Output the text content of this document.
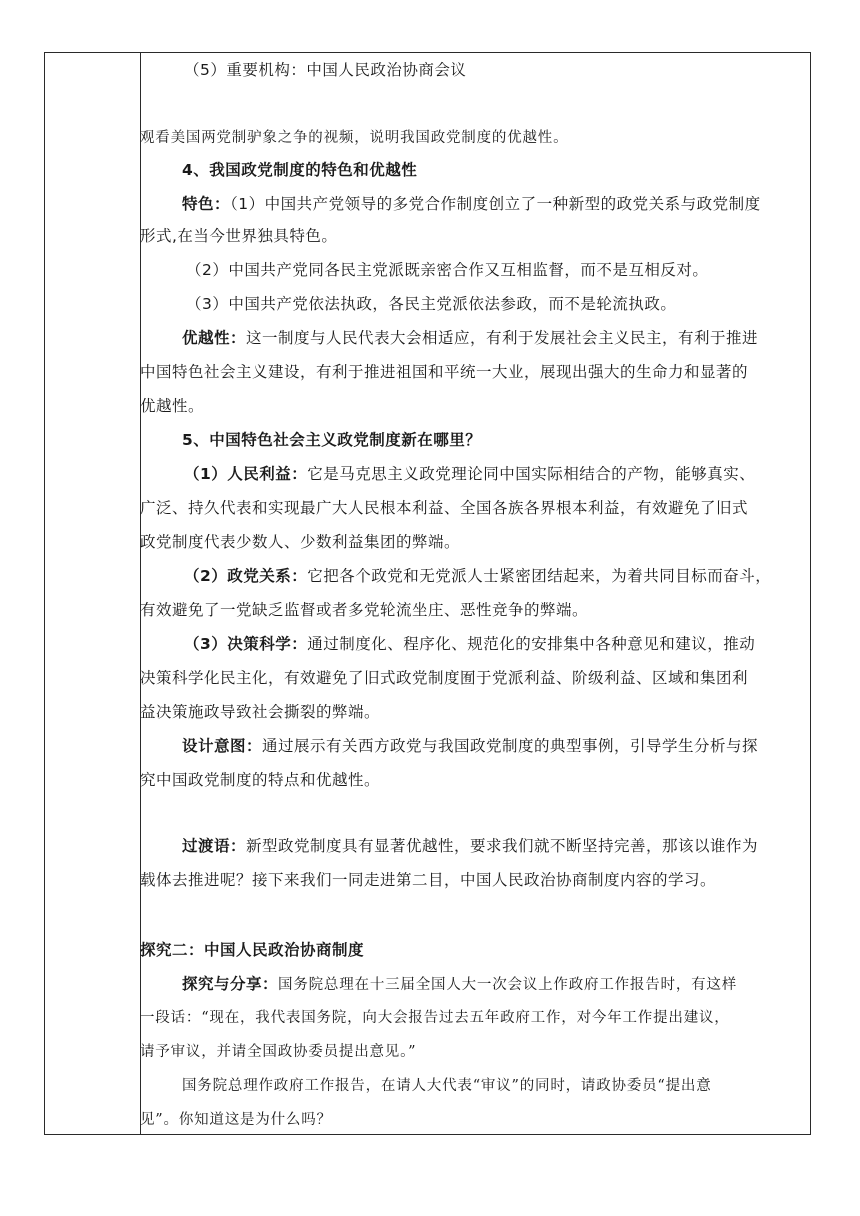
（5）重要机构：中国人民政治协商会议
观看美国两党制驴象之争的视频，说明我国政党制度的优越性。
4、我国政党制度的特色和优越性
特色：（1）中国共产党领导的多党合作制度创立了一种新型的政党关系与政党制度
形式,在当今世界独具特色。
（2）中国共产党同各民主党派既亲密合作又互相监督，而不是互相反对。
（3）中国共产党依法执政，各民主党派依法参政，而不是轮流执政。
优越性：这一制度与人民代表大会相适应，有利于发展社会主义民主，有利于推进
中国特色社会主义建设，有利于推进祖国和平统一大业，展现出强大的生命力和显著的
优越性。
5、中国特色社会主义政党制度新在哪里？
（1）人民利益：它是马克思主义政党理论同中国实际相结合的产物，能够真实、
广泛、持久代表和实现最广大人民根本利益、全国各族各界根本利益，有效避免了旧式
政党制度代表少数人、少数利益集团的弊端。
（2）政党关系：它把各个政党和无党派人士紧密团结起来，为着共同目标而奋斗，
有效避免了一党缺乏监督或者多党轮流坐庄、恶性竞争的弊端。
（3）决策科学：通过制度化、程序化、规范化的安排集中各种意见和建议，推动
决策科学化民主化，有效避免了旧式政党制度囿于党派利益、阶级利益、区域和集团利
益决策施政导致社会撕裂的弊端。
设计意图：通过展示有关西方政党与我国政党制度的典型事例，引导学生分析与探
究中国政党制度的特点和优越性。
过渡语：新型政党制度具有显著优越性，要求我们就不断坚持完善，那该以谁作为
载体去推进呢？接下来我们一同走进第二目，中国人民政治协商制度内容的学习。
探究二：中国人民政治协商制度
探究与分享：国务院总理在十三届全国人大一次会议上作政府工作报告时，有这样
一段话：“现在，我代表国务院，向大会报告过去五年政府工作，对今年工作提出建议，
请予审议，并请全国政协委员提出意见。”
国务院总理作政府工作报告，在请人大代表“审议”的同时，请政协委员“提出意
见”。你知道这是为什么吗？
